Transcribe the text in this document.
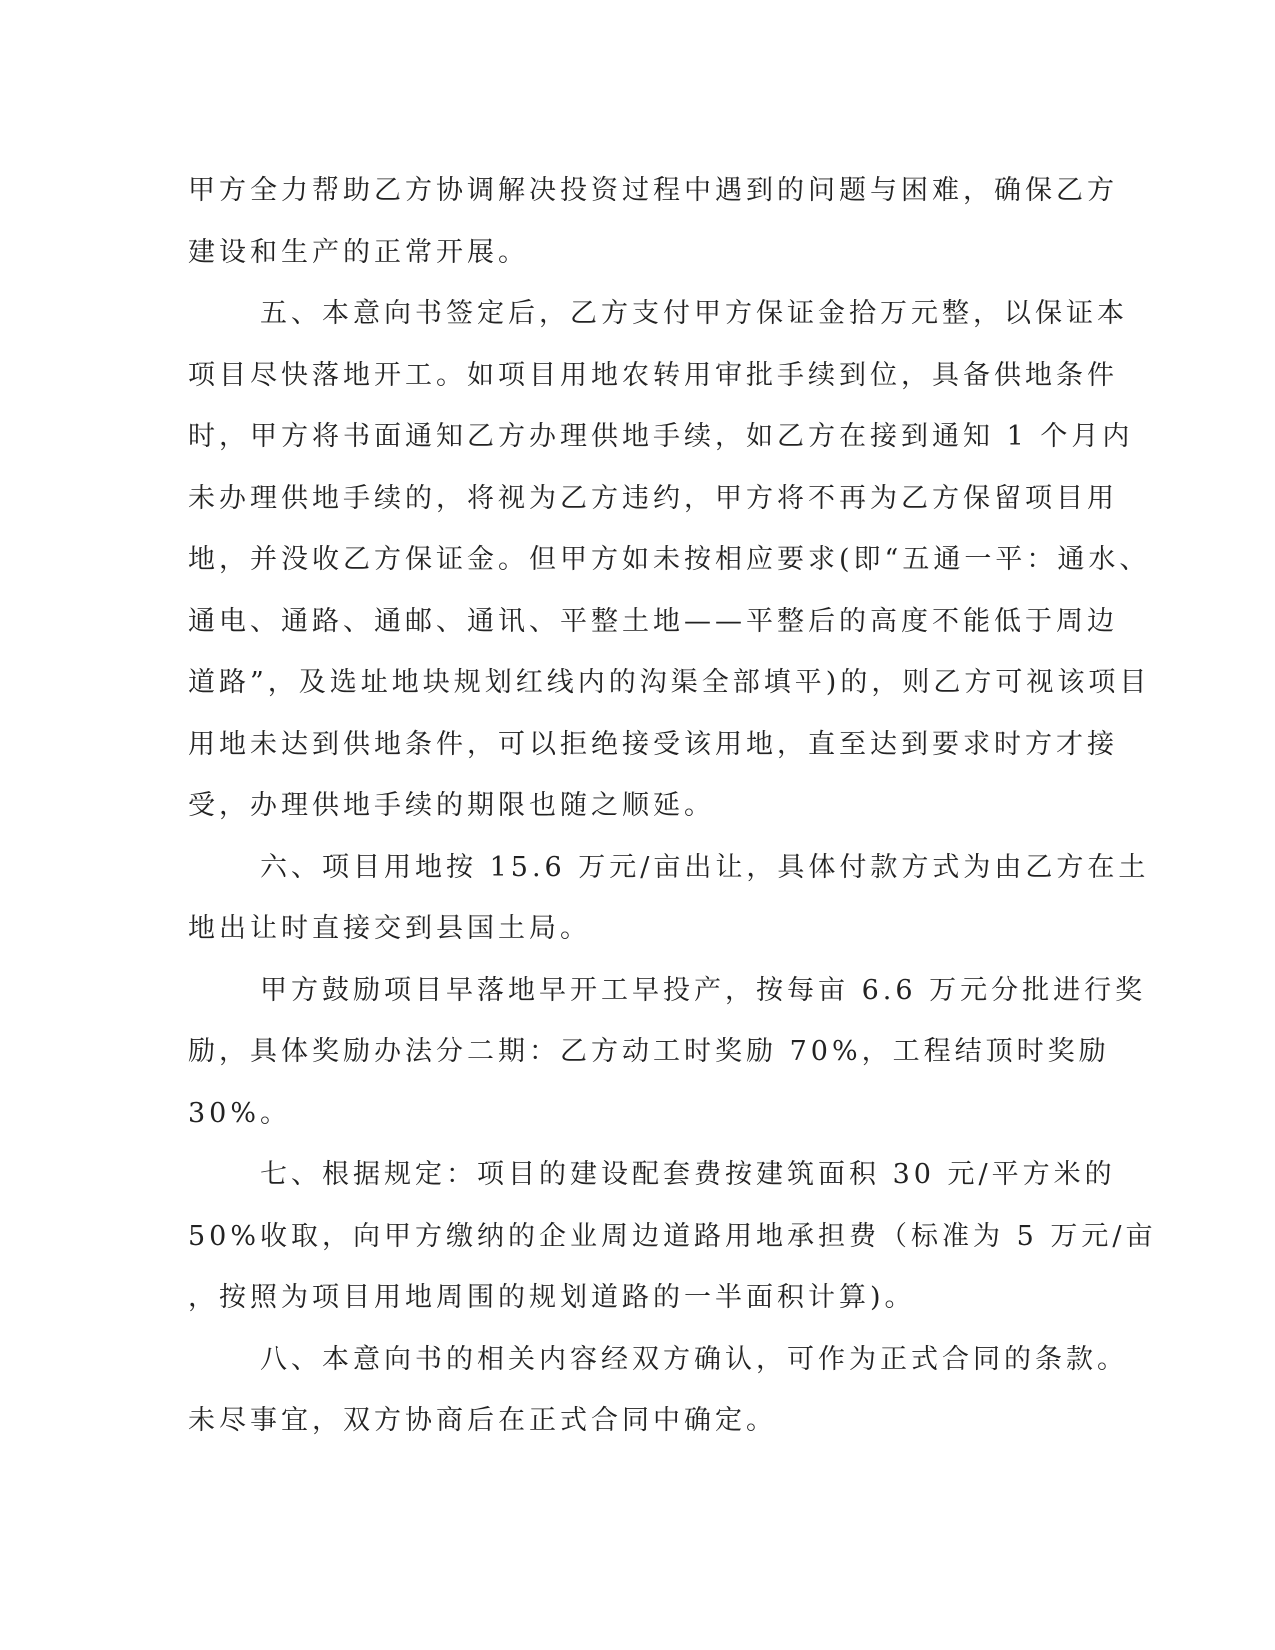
甲方全力帮助乙方协调解决投资过程中遇到的问题与困难，确保乙方
建设和生产的正常开展。
五、本意向书签定后，乙方支付甲方保证金拾万元整，以保证本
项目尽快落地开工。如项目用地农转用审批手续到位，具备供地条件
时，甲方将书面通知乙方办理供地手续，如乙方在接到通知 1 个月内
未办理供地手续的，将视为乙方违约，甲方将不再为乙方保留项目用
地，并没收乙方保证金。但甲方如未按相应要求(即“五通一平：通水、
通电、通路、通邮、通讯、平整土地——平整后的高度不能低于周边
道路”，及选址地块规划红线内的沟渠全部填平)的，则乙方可视该项目
用地未达到供地条件，可以拒绝接受该用地，直至达到要求时方才接
受，办理供地手续的期限也随之顺延。
六、项目用地按 15.6 万元/亩出让，具体付款方式为由乙方在土
地出让时直接交到县国土局。
甲方鼓励项目早落地早开工早投产，按每亩 6.6 万元分批进行奖
励，具体奖励办法分二期：乙方动工时奖励 70%，工程结顶时奖励
30%。
七、根据规定：项目的建设配套费按建筑面积 30 元/平方米的
50%收取，向甲方缴纳的企业周边道路用地承担费（标准为 5 万元/亩
，按照为项目用地周围的规划道路的一半面积计算)。
八、本意向书的相关内容经双方确认，可作为正式合同的条款。
未尽事宜，双方协商后在正式合同中确定。
